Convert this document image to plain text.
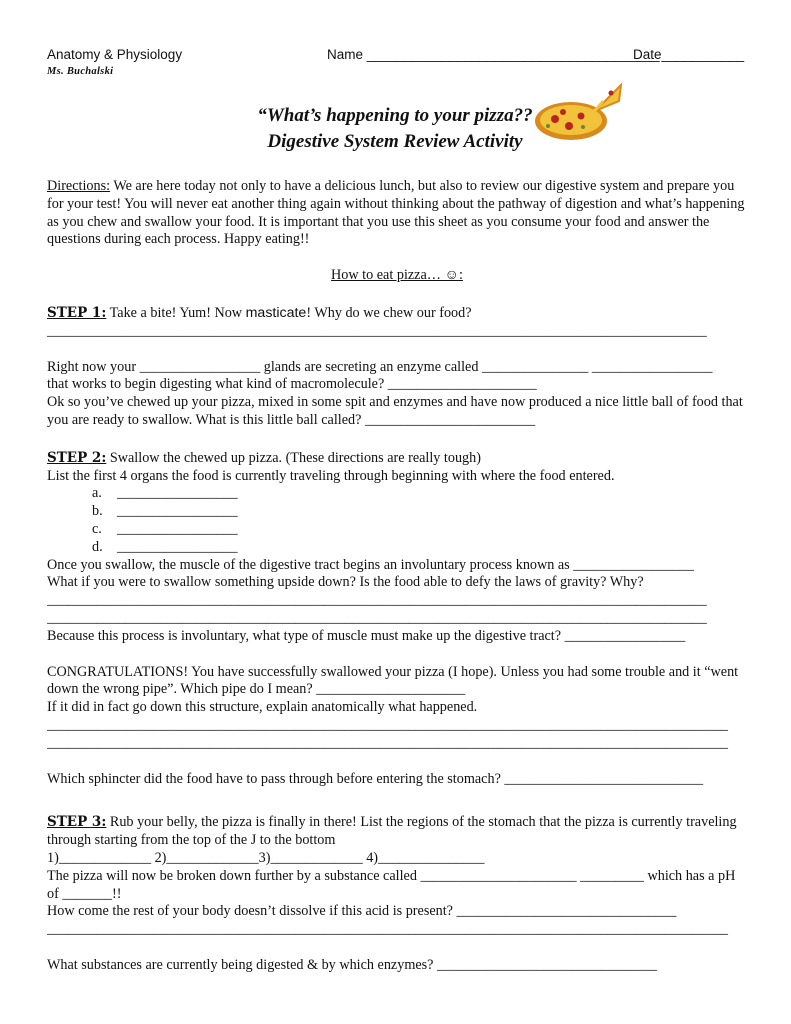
Anatomy & Physiology	Name _______________________________________
Date___________
Ms. Buchalski
“What’s happening to your pizza??
Digestive System Review Activity

Directions: We are here today not only to have a delicious lunch, but also to review our digestive system and prepare you for your test! You will never eat another thing again without thinking about the pathway of digestion and what’s happening as you chew and swallow your food. It is important that you use this sheet as you consume your food and answer the questions during each process. Happy eating!!

How to eat pizza… ☺:

STEP 1: Take a bite! Yum! Now masticate! Why do we chew our food?

_____________________________________________________________________________________________

Right now your _________________ glands are secreting an enzyme called _______________ _________________

that works to begin digesting what kind of macromolecule? _____________________

Ok so you’ve chewed up your pizza, mixed in some spit and enzymes and have now produced a nice little ball of food that you are ready to swallow. What is this little ball called? ________________________

STEP 2: Swallow the chewed up pizza. (These directions are really tough)

List the first 4 organs the food is currently traveling through beginning with where the food entered.

a. _________________
b. _________________
c. _________________
d. _________________

Once you swallow, the muscle of the digestive tract begins an involuntary process known as _________________

What if you were to swallow something upside down? Is the food able to defy the laws of gravity? Why?

_____________________________________________________________________________________________

_____________________________________________________________________________________________

Because this process is involuntary, what type of muscle must make up the digestive tract? _________________

CONGRATULATIONS! You have successfully swallowed your pizza (I hope). Unless you had some trouble and it “went down the wrong pipe”. Which pipe do I mean? _____________________

If it did in fact go down this structure, explain anatomically what happened.

________________________________________________________________________________________________

________________________________________________________________________________________________

Which sphincter did the food have to pass through before entering the stomach? ____________________________

STEP 3: Rub your belly, the pizza is finally in there! List the regions of the stomach that the pizza is currently traveling through starting from the top of the J to the bottom

1)_____________ 2)_____________3)_____________ 4)_______________

The pizza will now be broken down further by a substance called ______________________ _________ which has a pH of _______!!

How come the rest of your body doesn’t dissolve if this acid is present? _______________________________

________________________________________________________________________________________________

What substances are currently being digested & by which enzymes? _______________________________
